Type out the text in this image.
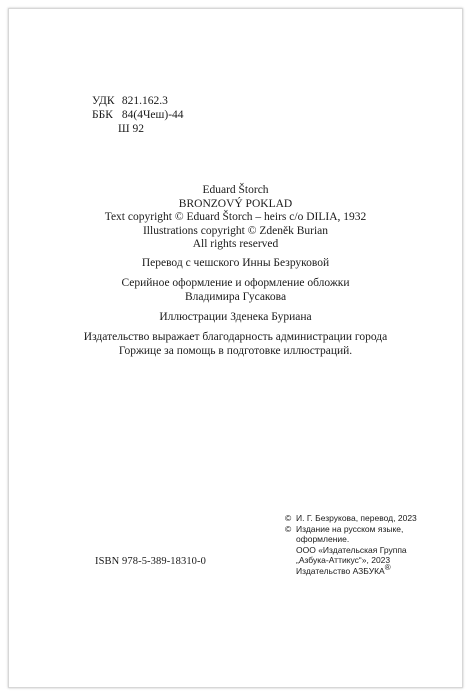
УДК 821.162.3
ББК 84(4Чеш)-44
Ш 92
Eduard Štorch
BRONZOVÝ POKLAD
Text copyright © Eduard Štorch – heirs c/o DILIA, 1932
Illustrations copyright © Zdeněk Burian
All rights reserved
Перевод с чешского Инны Безруковой
Серийное оформление и оформление обложки
Владимира Гусакова
Иллюстрации Зденека Буриана
Издательство выражает благодарность администрации города
Горжице за помощь в подготовке иллюстраций.
ISBN 978-5-389-18310-0
© И. Г. Безрукова, перевод, 2023
© Издание на русском языке,
оформление.
ООО «Издательская Группа
„Азбука-Аттикус“», 2023
Издательство АЗБУКА®
